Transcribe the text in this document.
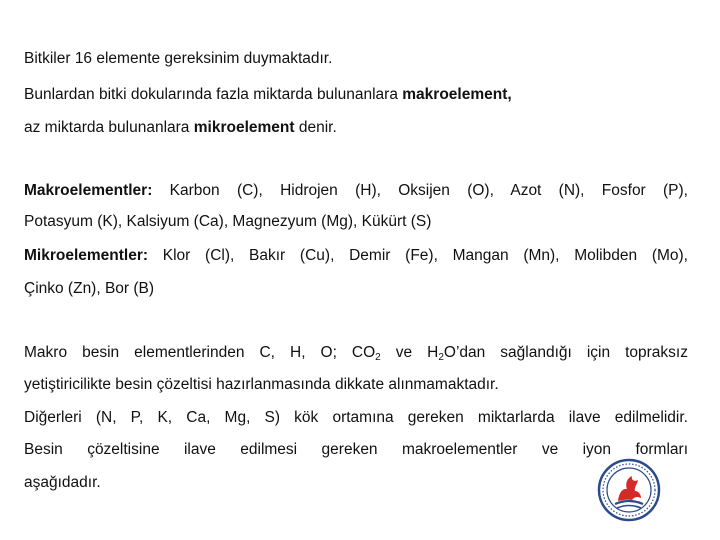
Bitkiler 16 elemente gereksinim duymaktadır.
Bunlardan bitki dokularında fazla miktarda bulunanlara makroelement,
az miktarda bulunanlara mikroelement denir.
Makroelementler: Karbon (C), Hidrojen (H), Oksijen (O), Azot (N), Fosfor (P),
Potasyum (K), Kalsiyum (Ca), Magnezyum (Mg), Kükürt (S)
Mikroelementler: Klor (Cl), Bakır (Cu), Demir (Fe), Mangan (Mn), Molibden (Mo),
Çinko (Zn), Bor (B)
Makro besin elementlerinden C, H, O; $CO_2$ ve $H_2O’dan$ sağlandığı için topraksız
yetiştiricilikte besin çözeltisi hazırlanmasında dikkate alınmamaktadır.
Diğerleri (N, P, K, Ca, Mg, S) kök ortamına gereken miktarlarda ilave edilmelidir.
Besin çözeltisine ilave edilmesi gereken makroelementler ve iyon formları
aşağıdadır.
